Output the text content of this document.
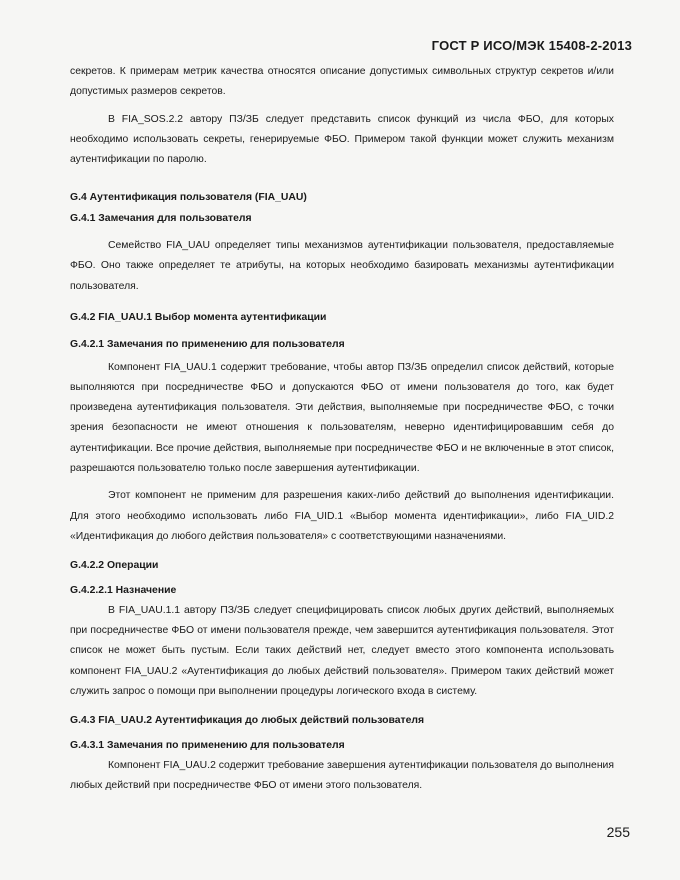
ГОСТ Р ИСО/МЭК 15408-2-2013

секретов. К примерам метрик качества относятся описание допустимых символьных структур секретов и/или допустимых размеров секретов.

В FIA_SOS.2.2 автору ПЗ/ЗБ следует представить список функций из числа ФБО, для которых необходимо использовать секреты, генерируемые ФБО. Примером такой функции может служить механизм аутентификации по паролю.

G.4 Аутентификация пользователя (FIA_UAU)

G.4.1 Замечания для пользователя

Семейство FIA_UAU определяет типы механизмов аутентификации пользователя, предоставляемые ФБО. Оно также определяет те атрибуты, на которых необходимо базировать механизмы аутентификации пользователя.

G.4.2 FIA_UAU.1 Выбор момента аутентификации

G.4.2.1 Замечания по применению для пользователя

Компонент FIA_UAU.1 содержит требование, чтобы автор ПЗ/ЗБ определил список действий, которые выполняются при посредничестве ФБО и допускаются ФБО от имени пользователя до того, как будет произведена аутентификация пользователя. Эти действия, выполняемые при посредничестве ФБО, с точки зрения безопасности не имеют отношения к пользователям, неверно идентифицировавшим себя до аутентификации. Все прочие действия, выполняемые при посредничестве ФБО и не включенные в этот список, разрешаются пользователю только после завершения аутентификации.

Этот компонент не применим для разрешения каких-либо действий до выполнения идентификации. Для этого необходимо использовать либо FIA_UID.1 «Выбор момента идентификации», либо FIA_UID.2 «Идентификация до любого действия пользователя» с соответствующими назначениями.

G.4.2.2 Операции

G.4.2.2.1 Назначение

В FIA_UAU.1.1 автору ПЗ/ЗБ следует специфицировать список любых других действий, выполняемых при посредничестве ФБО от имени пользователя прежде, чем завершится аутентификация пользователя. Этот список не может быть пустым. Если таких действий нет, следует вместо этого компонента использовать компонент FIA_UAU.2 «Аутентификация до любых действий пользователя». Примером таких действий может служить запрос о помощи при выполнении процедуры логического входа в систему.

G.4.3 FIA_UAU.2 Аутентификация до любых действий пользователя

G.4.3.1 Замечания по применению для пользователя

Компонент FIA_UAU.2 содержит требование завершения аутентификации пользователя до выполнения любых действий при посредничестве ФБО от имени этого пользователя.

255
